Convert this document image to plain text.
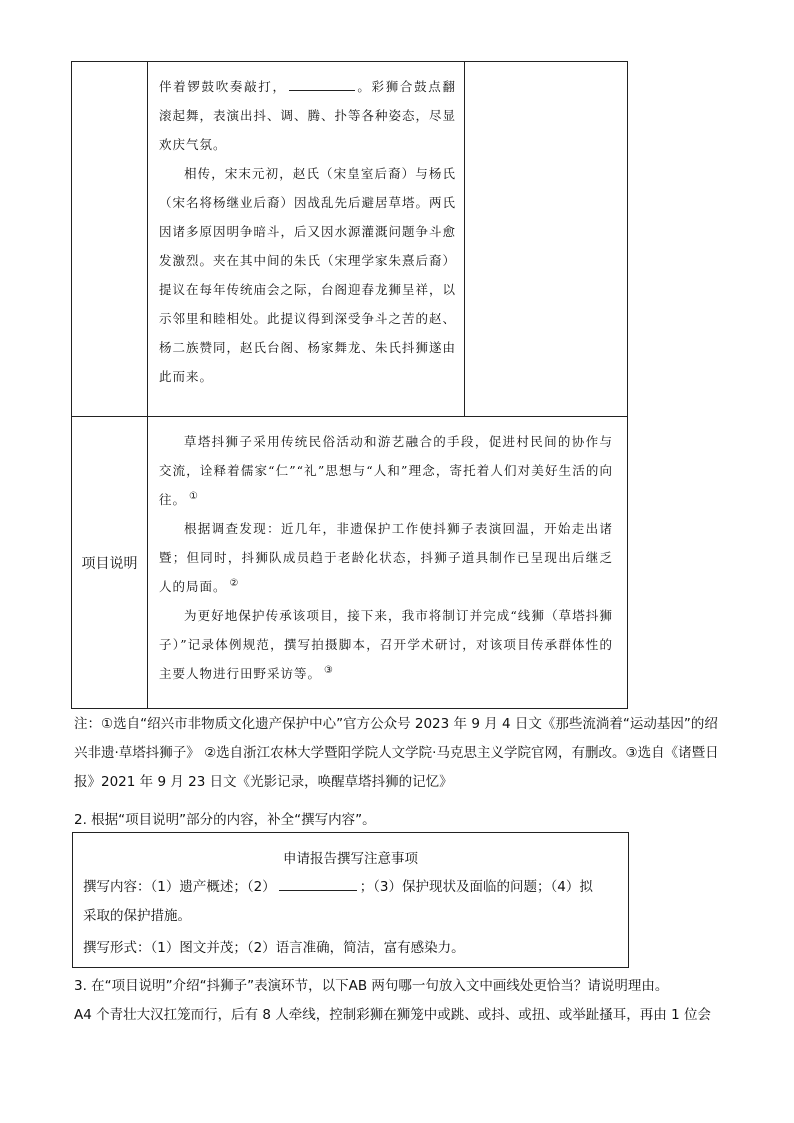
伴着锣鼓吹奏敲打，	。彩狮合鼓点翻滚起舞，表演出抖、调、腾、扑等各种姿态，尽显欢庆气氛。

相传，宋末元初，赵氏（宋皇室后裔）与杨氏（宋名将杨继业后裔）因战乱先后避居草塔。两氏因诸多原因明争暗斗，后又因水源灌溉问题争斗愈发激烈。夹在其中间的朱氏（宋理学家朱熹后裔）提议在每年传统庙会之际，台阁迎春龙狮呈祥，以示邻里和睦相处。此提议得到深受争斗之苦的赵、杨二族赞同，赵氏台阁、杨家舞龙、朱氏抖狮遂由此而来。

项目说明

草塔抖狮子采用传统民俗活动和游艺融合的手段，促进村民间的协作与交流，诠释着儒家“仁”“礼”思想与“人和”理念，寄托着人们对美好生活的向往。 ①

根据调查发现：近几年，非遗保护工作使抖狮子表演回温，开始走出诸暨；但同时，抖狮队成员趋于老龄化状态，抖狮子道具制作已呈现出后继乏人的局面。 ②

为更好地保护传承该项目，接下来，我市将制订并完成“线狮（草塔抖狮子）”记录体例规范，撰写拍摄脚本，召开学术研讨，对该项目传承群体性的主要人物进行田野采访等。 ③

注：①选自“绍兴市非物质文化遗产保护中心”官方公众号 2023 年 9 月 4 日文《那些流淌着“运动基因”的绍兴非遗·草塔抖狮子》 ②选自浙江农林大学暨阳学院人文学院·马克思主义学院官网，有删改。③选自《诸暨日报》2021 年 9 月 23 日文《光影记录，唤醒草塔抖狮的记忆》

2. 根据“项目说明”部分的内容，补全“撰写内容”。

申请报告撰写注意事项
撰写内容：（1）遗产概述；（2）	；（3）保护现状及面临的问题；（4）拟
采取的保护措施。
撰写形式：（1）图文并茂；（2）语言准确，简洁，富有感染力。

3. 在“项目说明”介绍“抖狮子”表演环节，以下AB 两句哪一句放入文中画线处更恰当？请说明理由。
A4 个青壮大汉扛笼而行，后有 8 人牵线，控制彩狮在狮笼中或跳、或抖、或扭、或举趾搔耳，再由 1 位会
